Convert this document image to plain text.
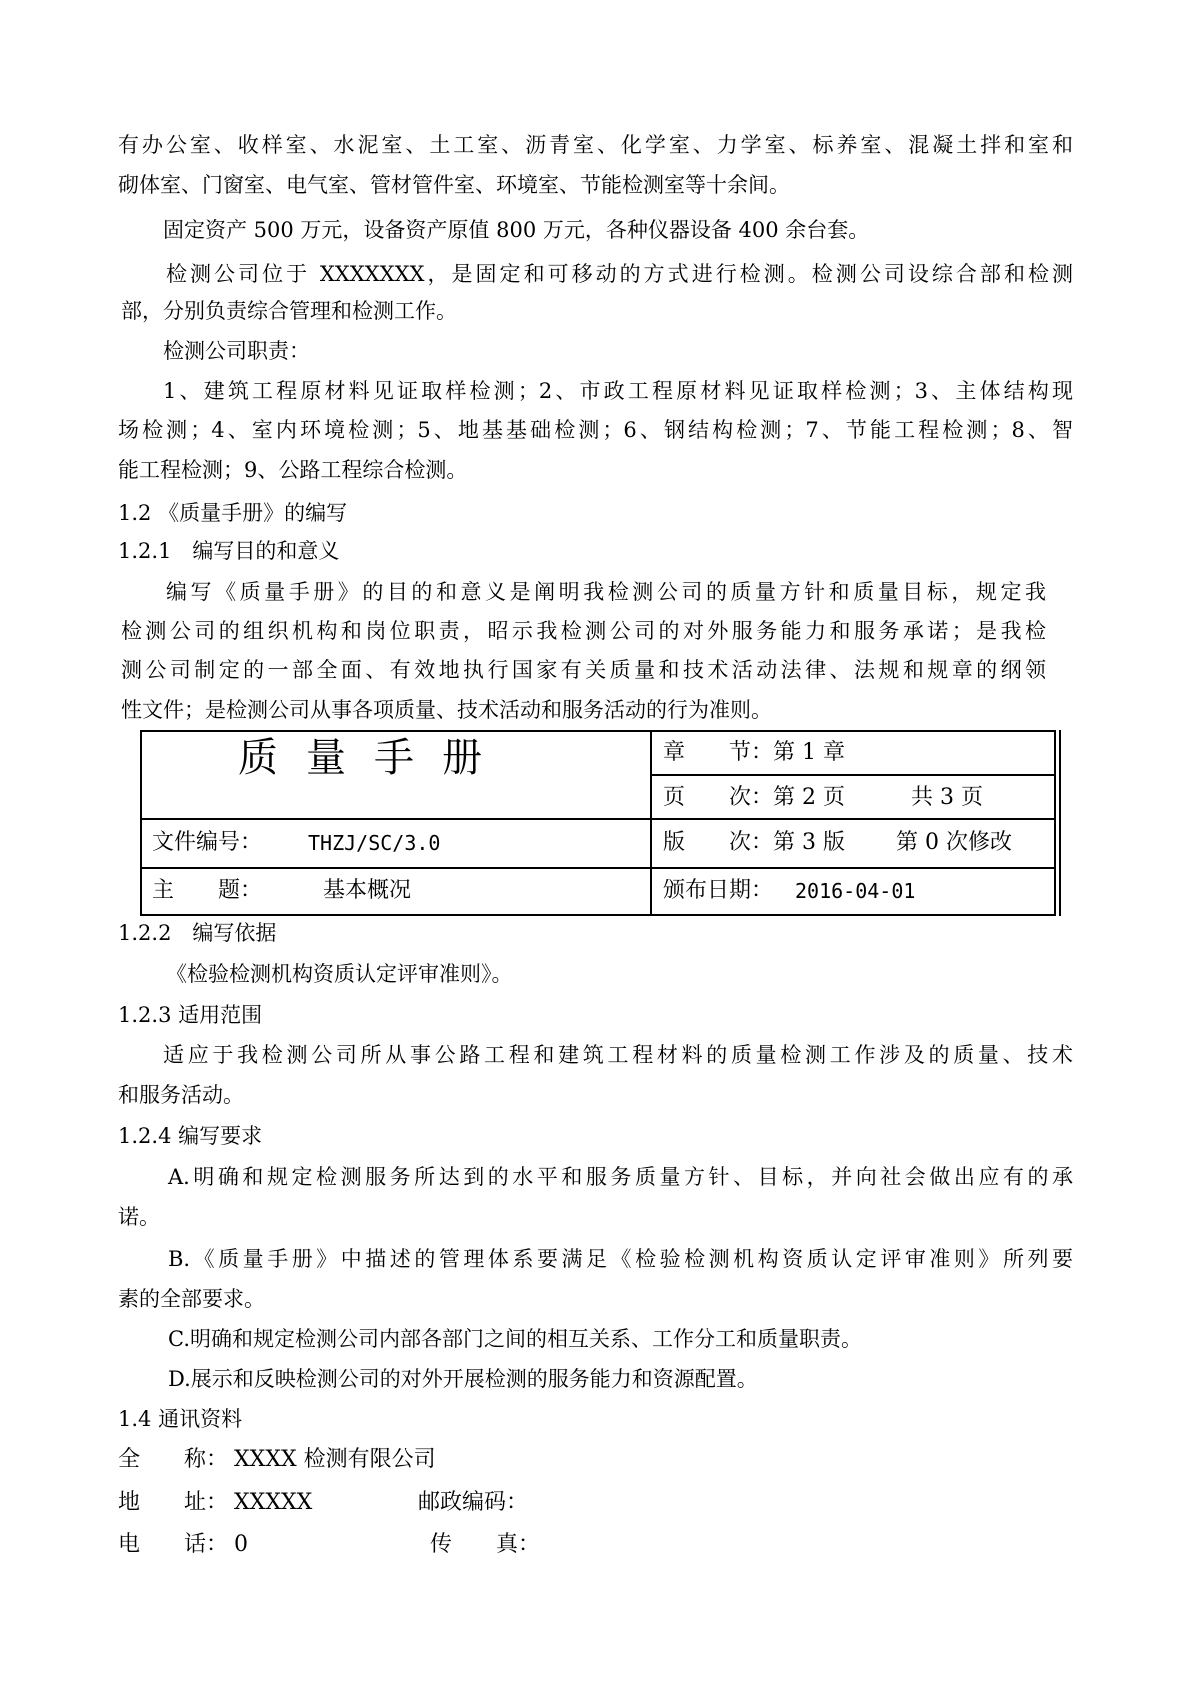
有办公室、收样室、水泥室、土工室、沥青室、化学室、力学室、标养室、混凝土拌和室和
砌体室、门窗室、电气室、管材管件室、环境室、节能检测室等十余间。
固定资产 500 万元，设备资产原值 800 万元，各种仪器设备 400 余台套。
检测公司位于 XXXXXXX，是固定和可移动的方式进行检测。检测公司设综合部和检测
部，分别负责综合管理和检测工作。
检测公司职责：
1、建筑工程原材料见证取样检测；2、市政工程原材料见证取样检测；3、主体结构现
场检测；4、室内环境检测；5、地基基础检测；6、钢结构检测；7、节能工程检测；8、智
能工程检测；9、公路工程综合检测。
1.2 《质量手册》的编写
1.2.1　编写目的和意义
编写《质量手册》的目的和意义是阐明我检测公司的质量方针和质量目标，规定我
检测公司的组织机构和岗位职责，昭示我检测公司的对外服务能力和服务承诺；是我检
测公司制定的一部全面、有效地执行国家有关质量和技术活动法律、法规和规章的纲领
性文件；是检测公司从事各项质量、技术活动和服务活动的行为准则。
质量手册	章　　节：第 1 章
页　　次：第 2 页　　　共 3 页
文件编号： THZJ/SC/3.0	版　　次：第 3 版　　 第 0 次修改
主　　题：	基本概况	颁布日期： 2016-04-01
1.2.2　编写依据
《检验检测机构资质认定评审准则》。
1.2.3 适用范围
适应于我检测公司所从事公路工程和建筑工程材料的质量检测工作涉及的质量、技术
和服务活动。
1.2.4 编写要求
A.明确和规定检测服务所达到的水平和服务质量方针、目标，并向社会做出应有的承
诺。
B.《质量手册》中描述的管理体系要满足《检验检测机构资质认定评审准则》所列要
素的全部要求。
C.明确和规定检测公司内部各部门之间的相互关系、工作分工和质量职责。
D.展示和反映检测公司的对外开展检测的服务能力和资源配置。
1.4 通讯资料
全　　称： XXXX 检测有限公司
地　　址： XXXXX	邮政编码：
电　　话： 0	传　　真：
